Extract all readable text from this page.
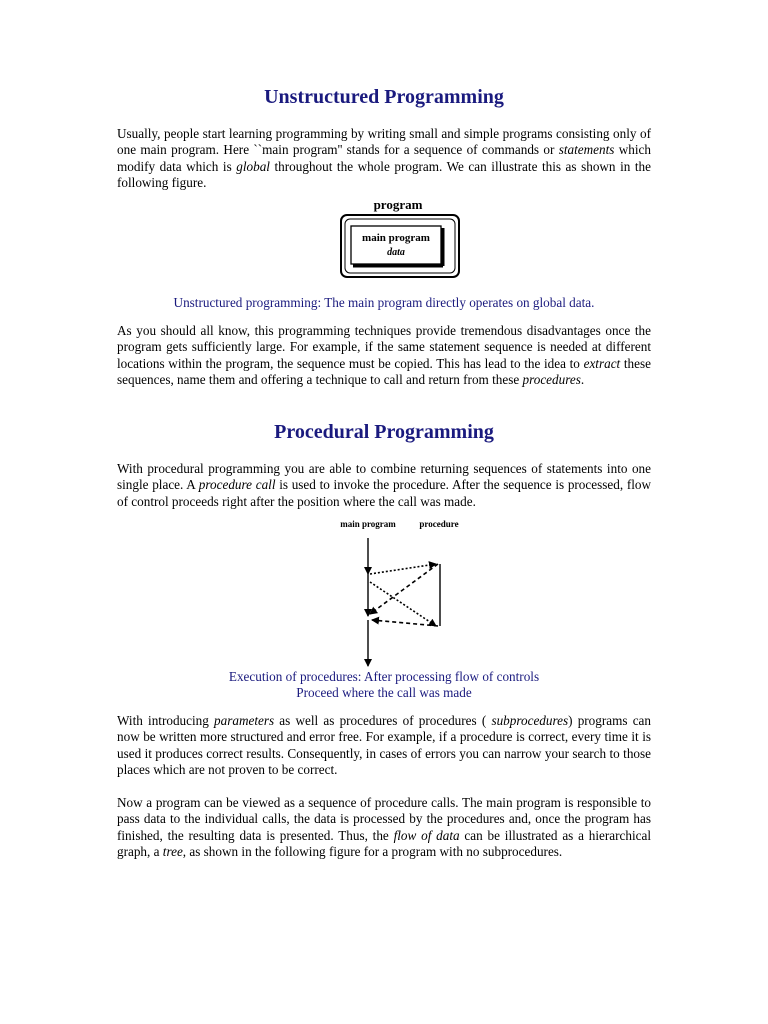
Unstructured Programming

Usually, people start learning programming by writing small and simple programs consisting only of one main program. Here ``main program'' stands for a sequence of commands or statements which modify data which is global throughout the whole program. We can illustrate this as shown in the following figure.

program
main program
data
Unstructured programming: The main program directly operates on global data.

As you should all know, this programming techniques provide tremendous disadvantages once the program gets sufficiently large. For example, if the same statement sequence is needed at different locations within the program, the sequence must be copied. This has lead to the idea to extract these sequences, name them and offering a technique to call and return from these procedures.

Procedural Programming

With procedural programming you are able to combine returning sequences of statements into one single place. A procedure call is used to invoke the procedure. After the sequence is processed, flow of control proceeds right after the position where the call was made.

main program	procedure
Execution of procedures: After processing flow of controls
Proceed where the call was made

With introducing parameters as well as procedures of procedures ( subprocedures) programs can now be written more structured and error free. For example, if a procedure is correct, every time it is used it produces correct results. Consequently, in cases of errors you can narrow your search to those places which are not proven to be correct.

Now a program can be viewed as a sequence of procedure calls. The main program is responsible to pass data to the individual calls, the data is processed by the procedures and, once the program has finished, the resulting data is presented. Thus, the flow of data can be illustrated as a hierarchical graph, a tree, as shown in the following figure for a program with no subprocedures.
